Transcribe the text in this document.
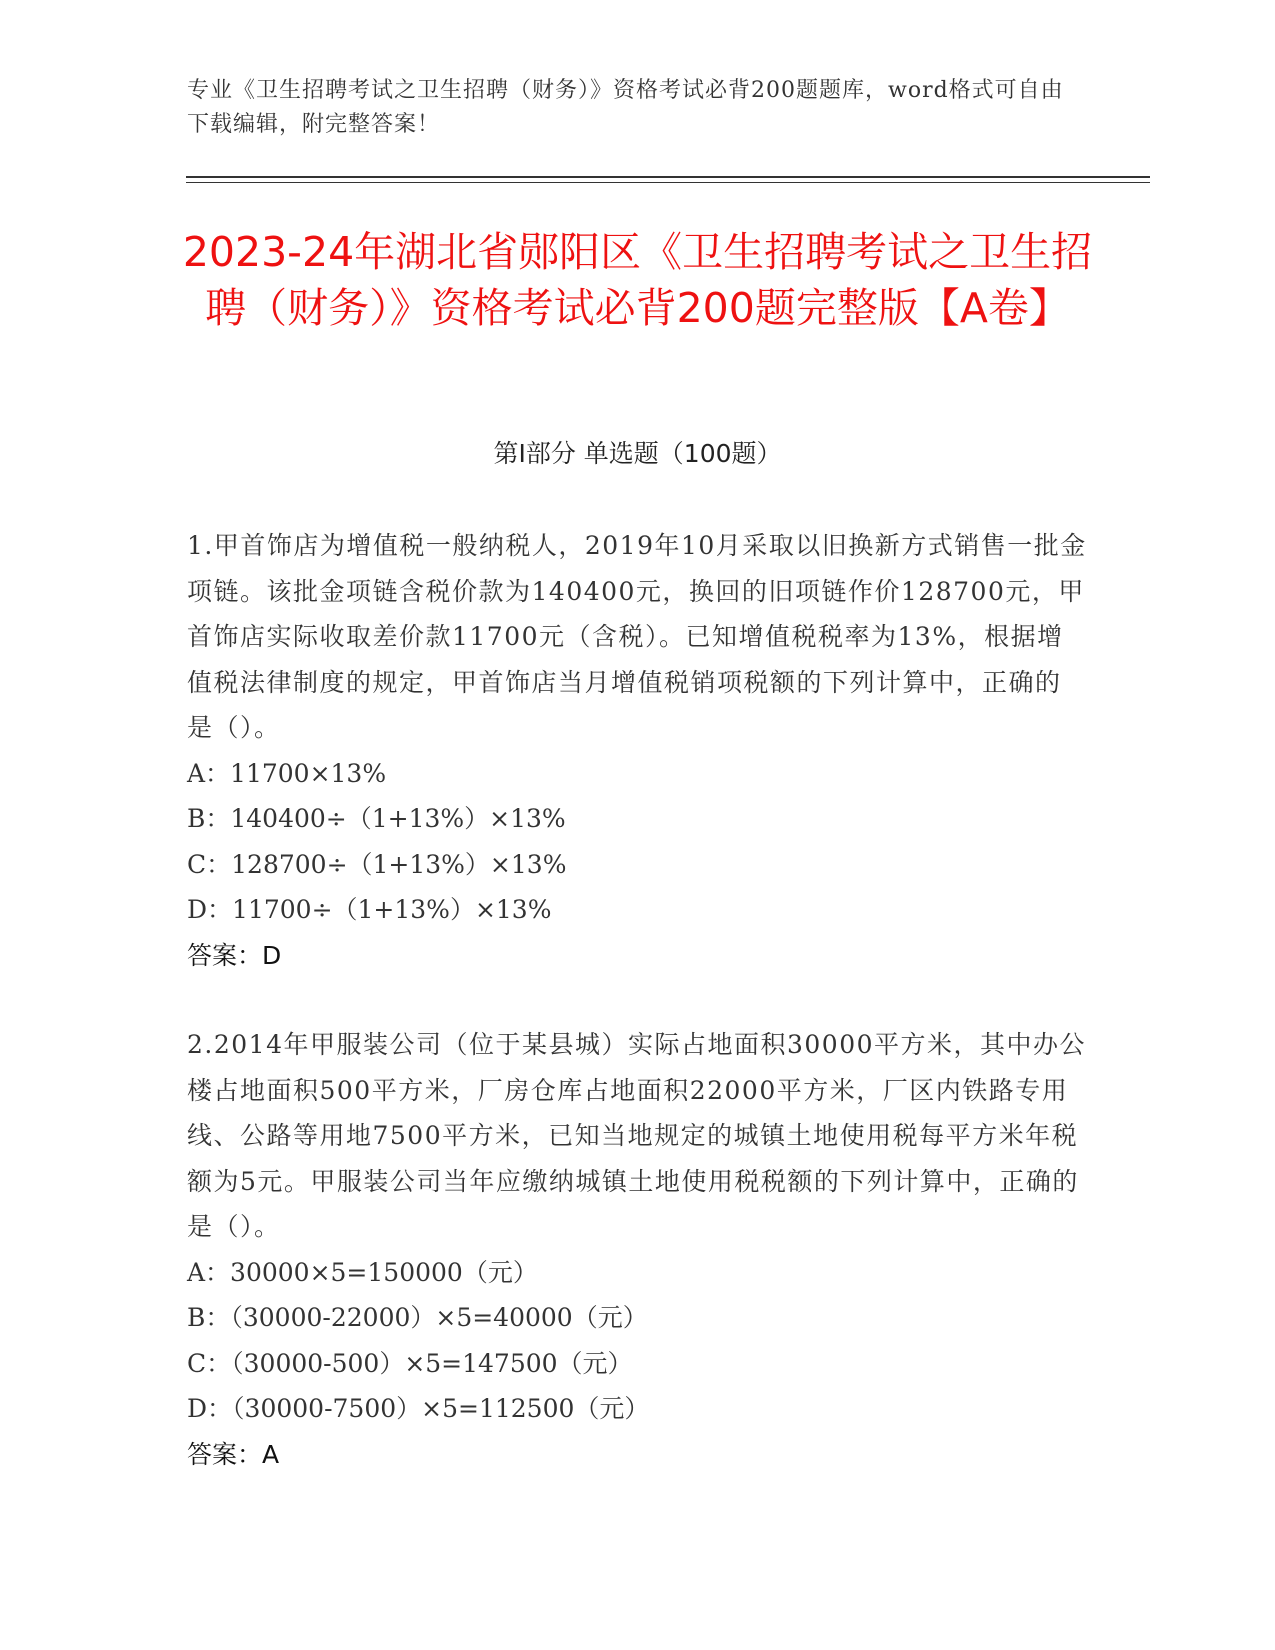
专业《卫生招聘考试之卫生招聘（财务）》资格考试必背200题题库，word格式可自由下载编辑，附完整答案！
2023-24年湖北省郧阳区《卫生招聘考试之卫生招聘（财务）》资格考试必背200题完整版【A卷】
第I部分 单选题（100题）
1.甲首饰店为增值税一般纳税人，2019年10月采取以旧换新方式销售一批金项链。该批金项链含税价款为140400元，换回的旧项链作价128700元，甲首饰店实际收取差价款11700元（含税）。已知增值税税率为13%，根据增值税法律制度的规定，甲首饰店当月增值税销项税额的下列计算中，正确的是（）。
A：11700×13%
B：140400÷（1+13%）×13%
C：128700÷（1+13%）×13%
D：11700÷（1+13%）×13%
答案：D
2.2014年甲服装公司（位于某县城）实际占地面积30000平方米，其中办公楼占地面积500平方米，厂房仓库占地面积22000平方米，厂区内铁路专用线、公路等用地7500平方米，已知当地规定的城镇土地使用税每平方米年税额为5元。甲服装公司当年应缴纳城镇土地使用税税额的下列计算中，正确的是（）。
A：30000×5=150000（元）
B：（30000-22000）×5=40000（元）
C：（30000-500）×5=147500（元）
D：（30000-7500）×5=112500（元）
答案：A
